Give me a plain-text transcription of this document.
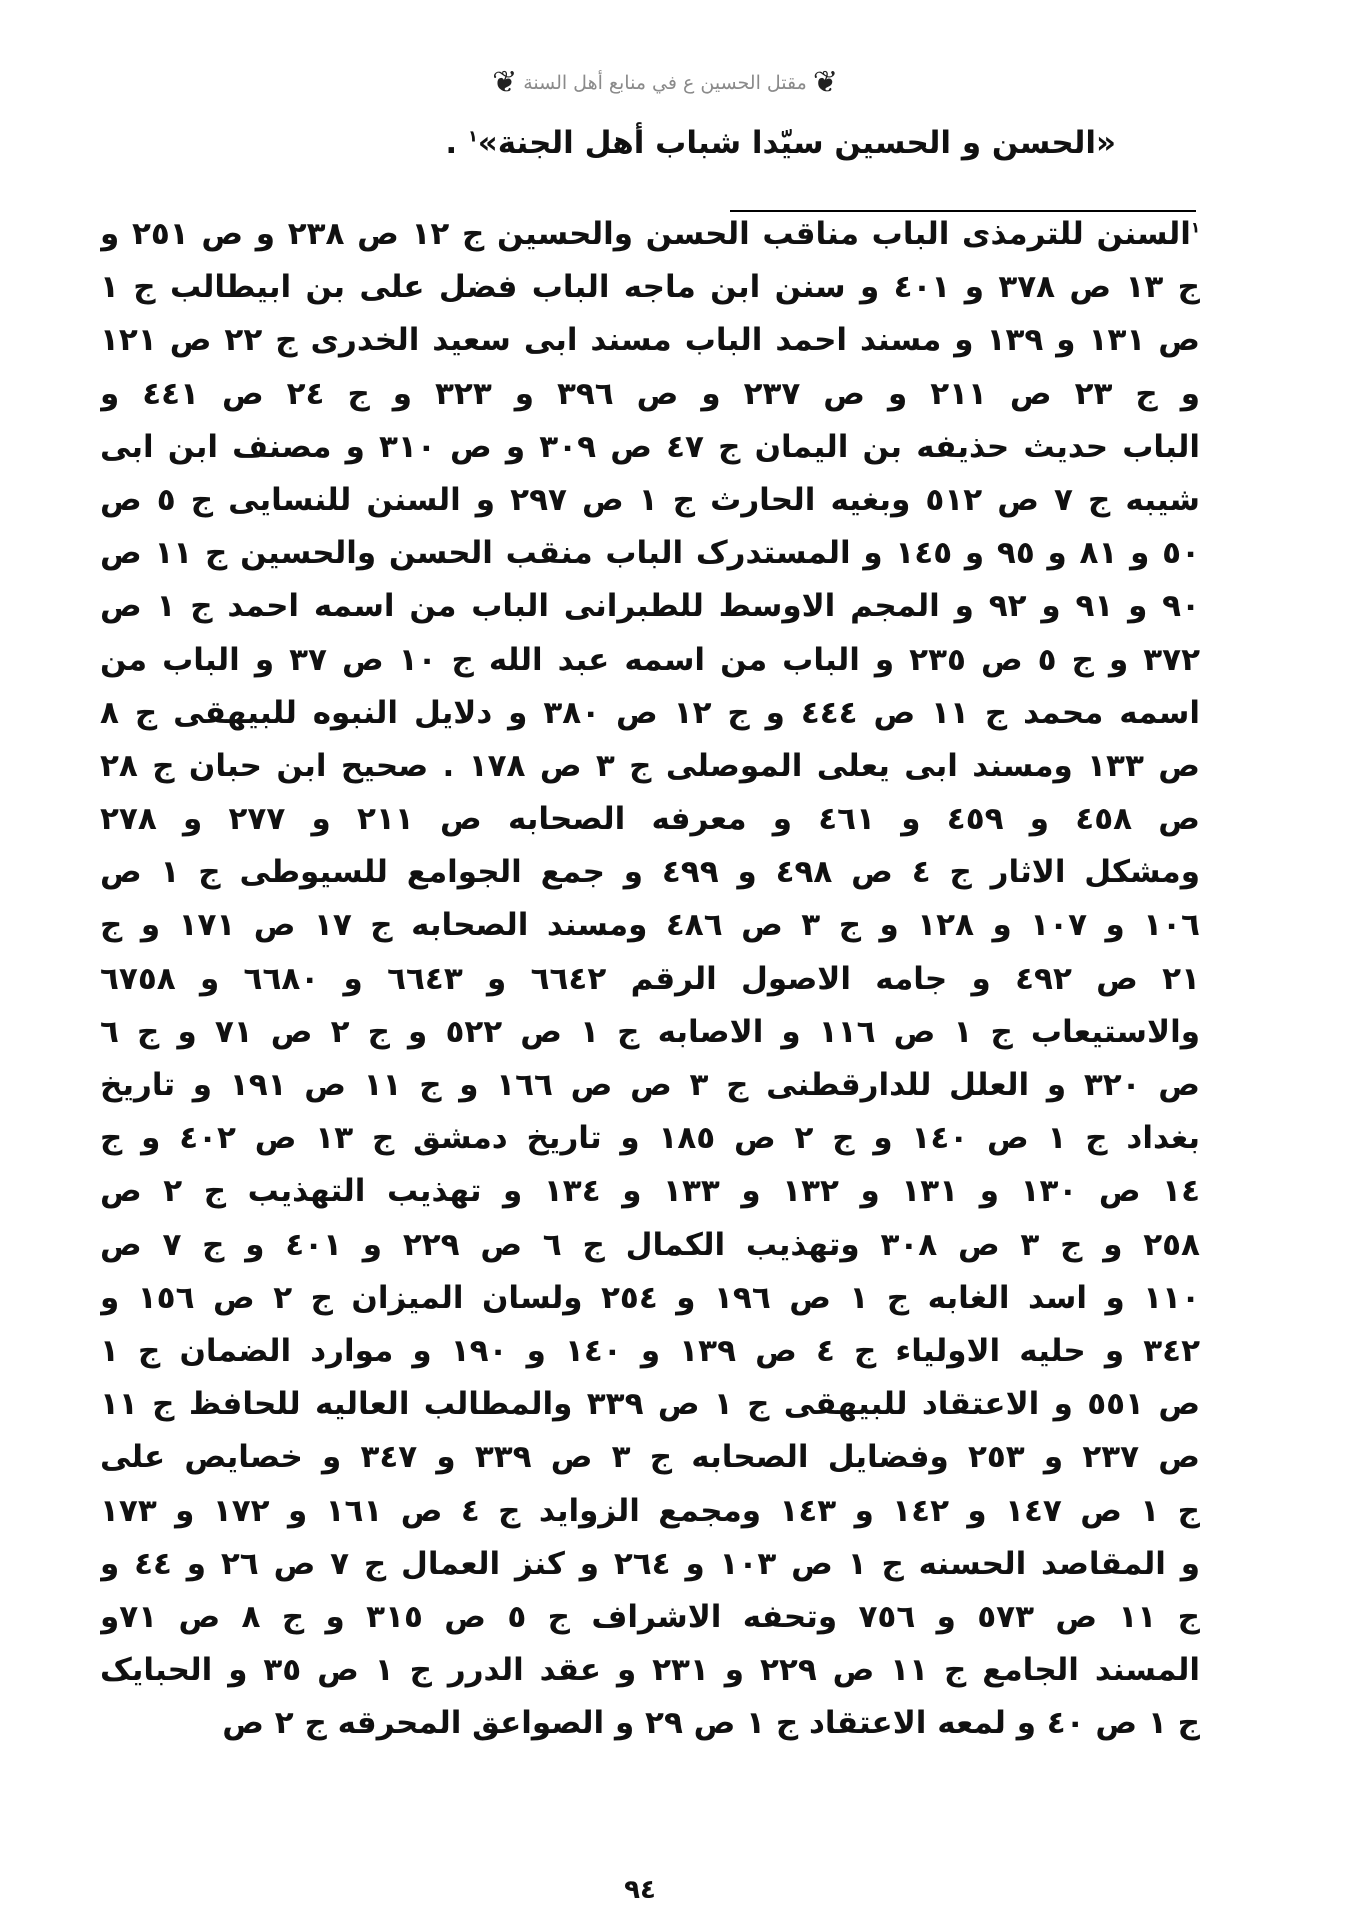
❦
مقتل الحسين ع في منابع أهل السنة
❦
«الحسن و الحسين سيّدا شباب أهل الجنة»$^١$ .
$^١$السنن للترمذی الباب مناقب الحسن والحسین ج ١٢ ص ٢٣٨ و ص ٢٥١ و
ج ١٣ ص ٣٧٨ و ٤٠١ و سنن ابن ماجه الباب فضل علی بن ابیطالب ج ١
ص ١٣١ و ١٣٩ و مسند احمد الباب مسند ابی سعید الخدری ج ٢٢ ص ١٢١
و ج ٢٣ ص ٢١١ و ص ٢٣٧ و ص ٣٩٦ و ٣٢٣ و ج ٢٤ ص ٤٤١ و
الباب حدیث حذیفه بن الیمان ج ٤٧ ص ٣٠٩ و ص ٣١٠ و مصنف ابن ابی
شیبه ج ٧ ص ٥١٢ وبغیه الحارث ج ١ ص ٢٩٧ و السنن للنسایی ج ٥ ص
٥٠ و ٨١ و ٩٥ و ١٤٥ و المستدرک الباب منقب الحسن والحسین ج ١١ ص
٩٠ و ٩١ و ٩٢ و المجم الاوسط للطبرانی الباب من اسمه احمد ج ١ ص
٣٧٢ و ج ٥ ص ٢٣٥ و الباب من اسمه عبد الله ج ١٠ ص ٣٧ و الباب من
اسمه محمد ج ١١ ص ٤٤٤ و ج ١٢ ص ٣٨٠ و دلایل النبوه للبیهقی ج ٨
ص ١٣٣ ومسند ابی یعلی الموصلی ج ٣ ص ١٧٨ . صحیح ابن حبان ج ٢٨
ص ٤٥٨ و ٤٥٩ و ٤٦١ و معرفه الصحابه ص ٢١١ و ٢٧٧ و ٢٧٨
ومشکل الاثار ج ٤ ص ٤٩٨ و ٤٩٩ و جمع الجوامع للسیوطی ج ١ ص
١٠٦ و ١٠٧ و ١٢٨ و ج ٣ ص ٤٨٦ ومسند الصحابه ج ١٧ ص ١٧١ و ج
٢١ ص ٤٩٢ و جامه الاصول الرقم ٦٦٤٢ و ٦٦٤٣ و ٦٦٨٠ و ٦٧٥٨
والاستیعاب ج ١ ص ١١٦ و الاصابه ج ١ ص ٥٢٢ و ج ٢ ص ٧١ و ج ٦
ص ٣٢٠ و العلل للدارقطنی ج ٣ ص ص ١٦٦ و ج ١١ ص ١٩١ و تاریخ
بغداد ج ١ ص ١٤٠ و ج ٢ ص ١٨٥ و تاریخ دمشق ج ١٣ ص ٤٠٢ و ج
١٤ ص ١٣٠ و ١٣١ و ١٣٢ و ١٣٣ و ١٣٤ و تهذیب التهذیب ج ٢ ص
٢٥٨ و ج ٣ ص ٣٠٨ وتهذیب الکمال ج ٦ ص ٢٢٩ و ٤٠١ و ج ٧ ص
١١٠ و اسد الغابه ج ١ ص ١٩٦ و ٢٥٤ ولسان المیزان ج ٢ ص ١٥٦ و
٣٤٢ و حلیه الاولیاء ج ٤ ص ١٣٩ و ١٤٠ و ١٩٠ و موارد الضمان ج ١
ص ٥٥١ و الاعتقاد للبیهقی ج ١ ص ٣٣٩ والمطالب العالیه للحافظ ج ١١
ص ٢٣٧ و ٢٥٣ وفضایل الصحابه ج ٣ ص ٣٣٩ و ٣٤٧ و خصایص علی
ج ١ ص ١٤٧ و ١٤٢ و ١٤٣ ومجمع الزواید ج ٤ ص ١٦١ و ١٧٢ و ١٧٣
و المقاصد الحسنه ج ١ ص ١٠٣ و ٢٦٤ و کنز العمال ج ٧ ص ٢٦ و ٤٤ و
ج ١١ ص ٥٧٣ و ٧٥٦ وتحفه الاشراف ج ٥ ص ٣١٥ و ج ٨ ص ٧١و
المسند الجامع ج ١١ ص ٢٢٩ و ٢٣١ و عقد الدرر ج ١ ص ٣٥ و الحبایک
ج ١ ص ٤٠ و لمعه الاعتقاد ج ١ ص ٢٩ و الصواعق المحرقه ج ٢ ص
٩٤
